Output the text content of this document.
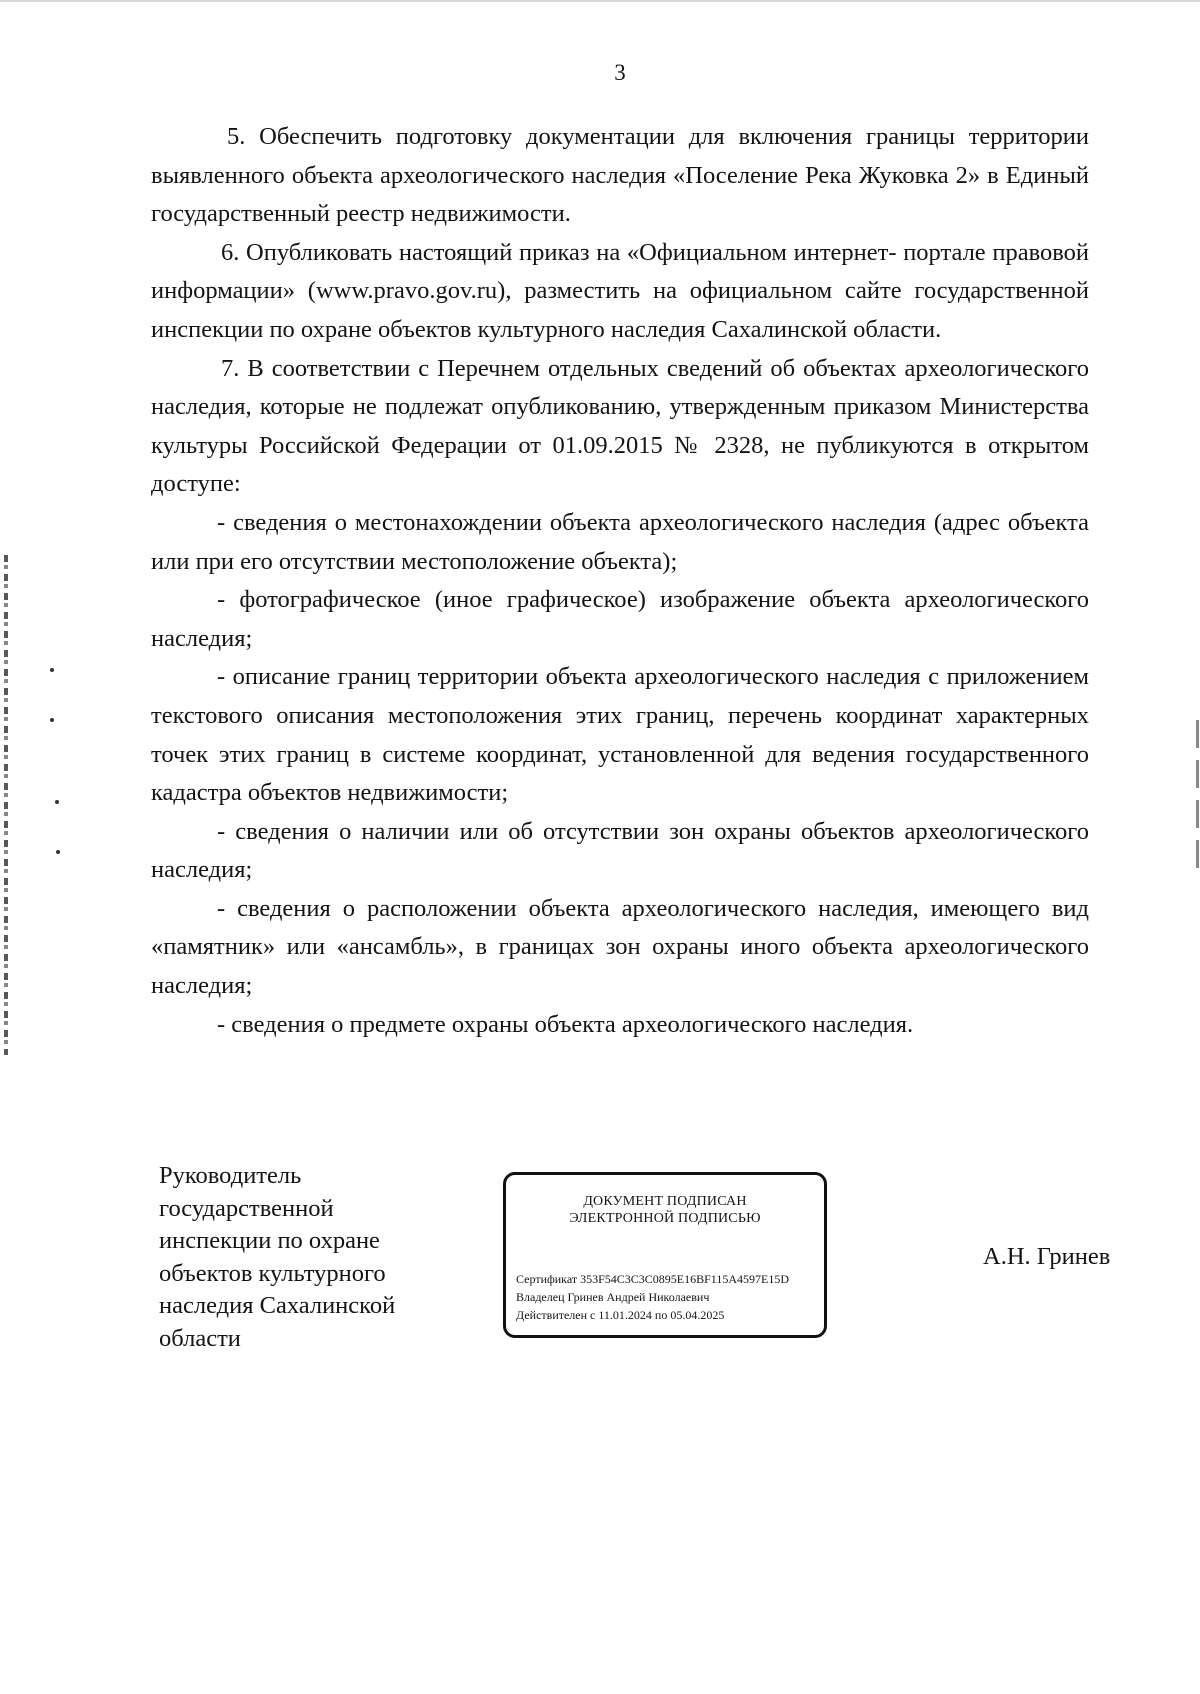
3

5. Обеспечить подготовку документации для включения границы территории выявленного объекта археологического наследия «Поселение Река Жуковка 2» в Единый государственный реестр недвижимости.

6. Опубликовать настоящий приказ на «Официальном интернет- портале правовой информации» (www.pravo.gov.ru), разместить на официальном сайте государственной инспекции по охране объектов культурного наследия Сахалинской области.

7. В соответствии с Перечнем отдельных сведений об объектах археологического наследия, которые не подлежат опубликованию, утвержденным приказом Министерства культуры Российской Федерации от 01.09.2015 № 2328, не публикуются в открытом доступе:

- сведения о местонахождении объекта археологического наследия (адрес объекта или при его отсутствии местоположение объекта);

- фотографическое (иное графическое) изображение объекта археологического наследия;

- описание границ территории объекта археологического наследия с приложением текстового описания местоположения этих границ, перечень координат характерных точек этих границ в системе координат, установленной для ведения государственного кадастра объектов недвижимости;

- сведения о наличии или об отсутствии зон охраны объектов археологического наследия;

- сведения о расположении объекта археологического наследия, имеющего вид «памятник» или «ансамбль», в границах зон охраны иного объекта археологического наследия;

- сведения о предмете охраны объекта археологического наследия.

Руководитель
государственной
инспекции по охране
объектов культурного
наследия Сахалинской
области
ДОКУМЕНТ ПОДПИСАН
ЭЛЕКТРОННОЙ ПОДПИСЬЮ
Сертификат 353F54C3C3C0895E16BF115A4597E15D
Владелец Гринев Андрей Николаевич
Действителен с 11.01.2024 по 05.04.2025
А.Н. Гринев
